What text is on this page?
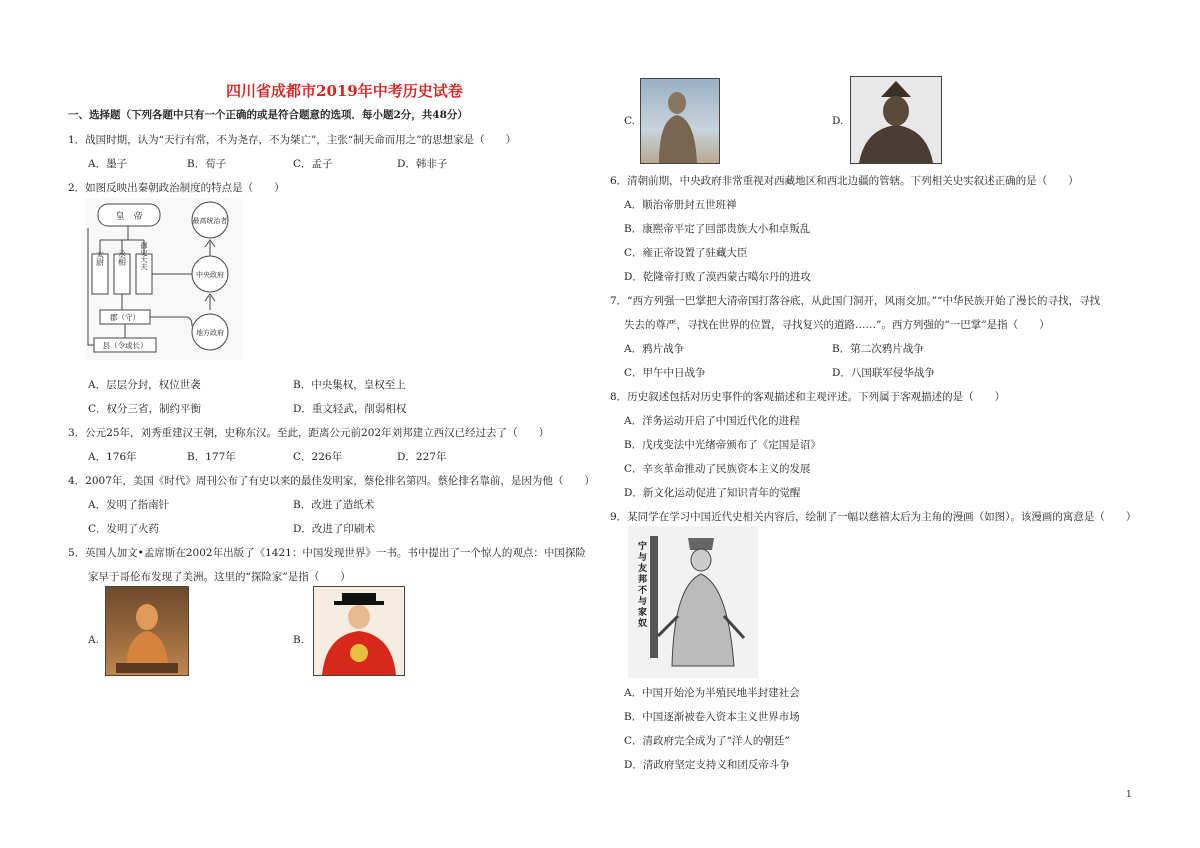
四川省成都市2019年中考历史试卷
一、选择题（下列各题中只有一个正确的或是符合题意的选项．每小题2分，共48分）
1．战国时期，认为“天行有常，不为尧存，不为桀亡”，主张“制天命而用之”的思想家是（　　）
A．墨子	B．荀子	C．孟子	D．韩非子
2．如图反映出秦朝政治制度的特点是（　　）
皇　帝	最高统治者
中央政府
地方政府
郡（守）
县（令或长）
太尉 丞相 御史大夫
A．层层分封，权位世袭	B．中央集权，皇权至上
C．权分三省，制约平衡	D．重文轻武，削弱相权
3．公元25年，刘秀重建汉王朝，史称东汉。至此，距离公元前202年刘邦建立西汉已经过去了（　　）
A．176年	B．177年	C．226年	D．227年
4．2007年，美国《时代》周刊公布了有史以来的最佳发明家，蔡伦排名第四。蔡伦排名靠前，是因为他（　　）
A．发明了指南针	B．改进了造纸术
C．发明了火药	D．改进了印刷术
5．英国人加文•孟席斯在2002年出版了《1421：中国发现世界》一书。书中提出了一个惊人的观点：中国探险
家早于哥伦布发现了美洲。这里的“探险家”是指（　　）
A.	B.
C.	D.
6．清朝前期，中央政府非常重视对西藏地区和西北边疆的管辖。下列相关史实叙述正确的是（　　）
A．顺治帝册封五世班禅
B．康熙帝平定了回部贵族大小和卓叛乱
C．雍正帝设置了驻藏大臣
D．乾隆帝打败了漠西蒙古噶尔丹的进攻
7．“西方列强一巴掌把大清帝国打落谷底，从此国门洞开，风雨交加。”“中华民族开始了漫长的寻找，寻找
失去的尊严，寻找在世界的位置，寻找复兴的道路……”。西方列强的“一巴掌”是指（　　）
A．鸦片战争	B．第二次鸦片战争
C．甲午中日战争	D．八国联军侵华战争
8．历史叙述包括对历史事件的客观描述和主观评述。下列属于客观描述的是（　　）
A．洋务运动开启了中国近代化的进程
B．戊戌变法中光绪帝颁布了《定国是诏》
C．辛亥革命推动了民族资本主义的发展
D．新文化运动促进了知识青年的觉醒
9．某同学在学习中国近代史相关内容后，绘制了一幅以慈禧太后为主角的漫画（如图）。该漫画的寓意是（　　）
宁与友邦不与家奴
A．中国开始沦为半殖民地半封建社会
B．中国逐渐被卷入资本主义世界市场
C．清政府完全成为了“洋人的朝廷”
D．清政府坚定支持义和团反帝斗争
1
